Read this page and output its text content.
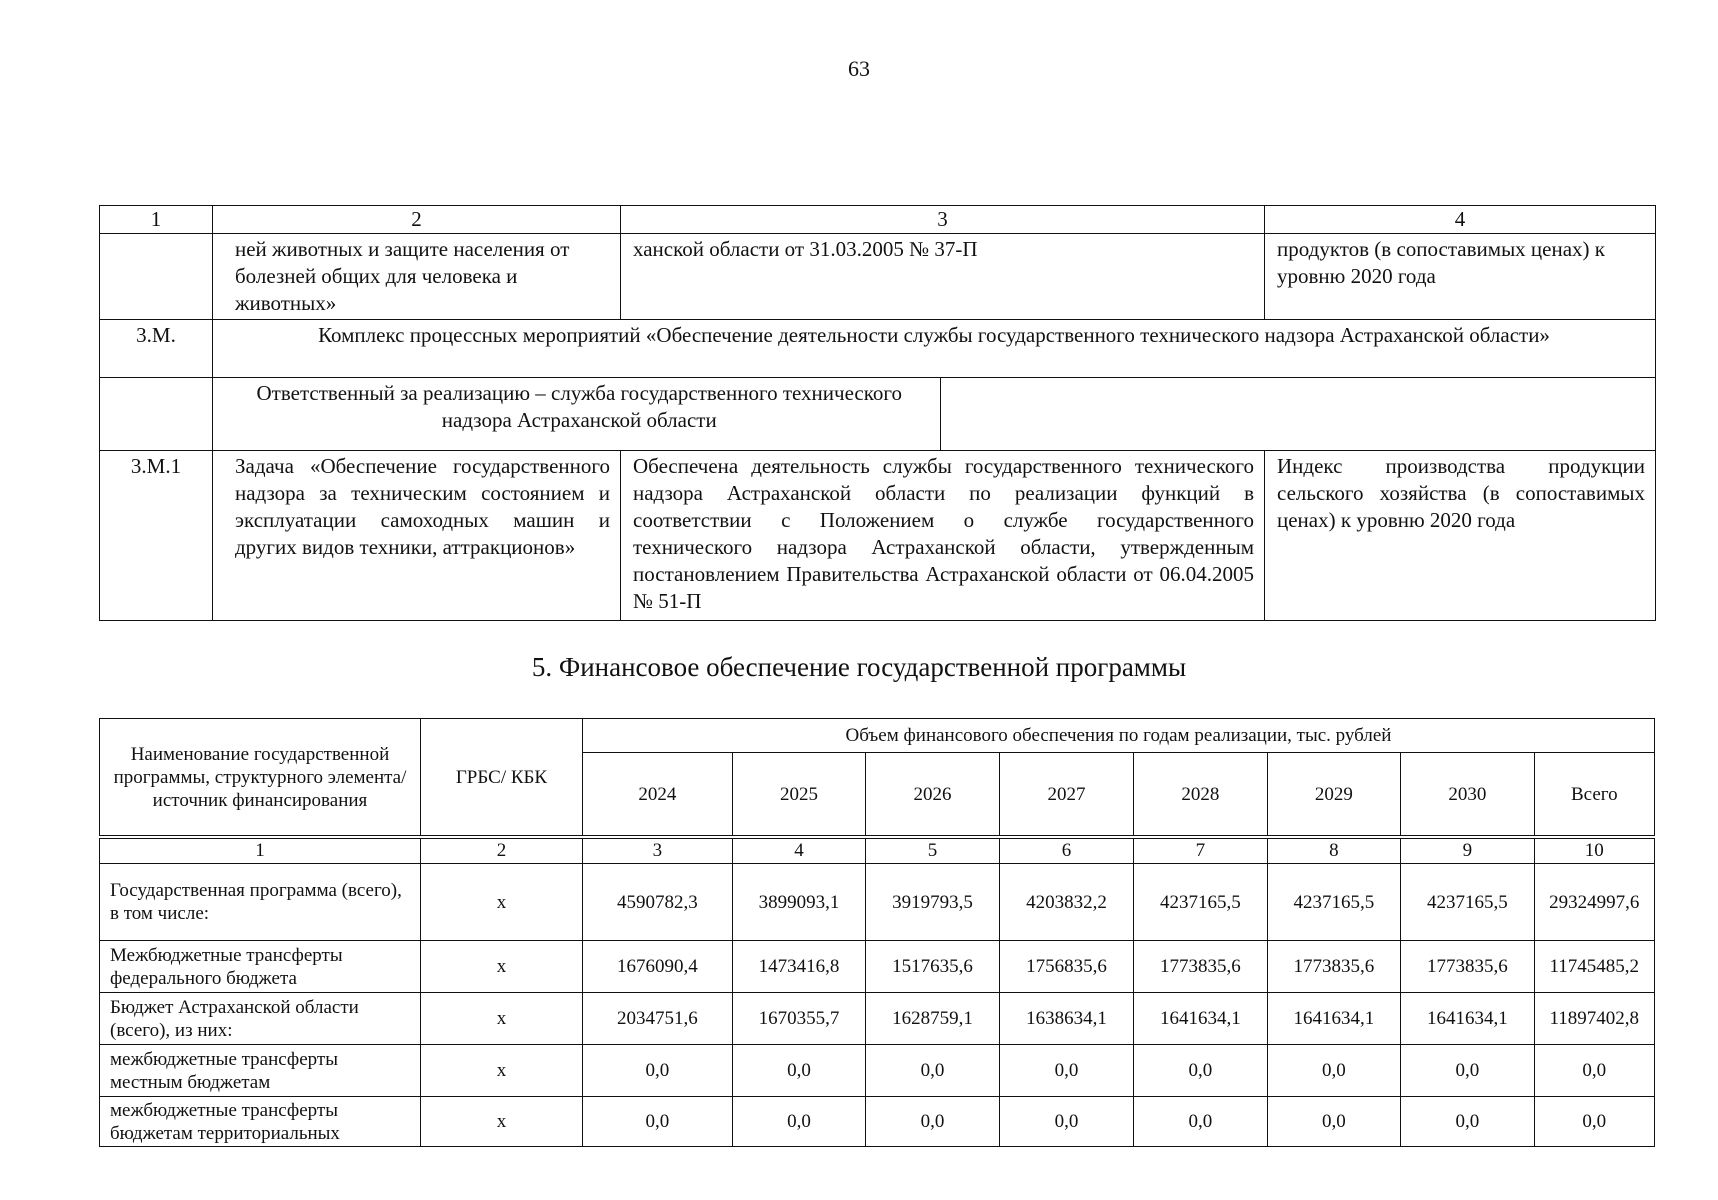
63
1	2	3	4
	ней животных и защите населения от болезней общих для человека и животных»	ханской области от 31.03.2005 № 37-П	продуктов (в сопоставимых ценах) к уровню 2020 года
3.М.	Комплекс процессных мероприятий «Обеспечение деятельности службы государственного технического надзора Астраханской области»

Ответственный за реализацию – служба государственного технического надзора Астраханской области	

3.М.1	Задача «Обеспечение государственного надзора за техническим состоянием и эксплуатации самоходных машин и других видов техники, аттракционов»	Обеспечена деятельность службы государственного технического надзора Астраханской области по реализации функций в соответствии с Положением о службе государственного технического надзора Астраханской области, утвержденным постановлением Правительства Астраханской области от 06.04.2005 № 51-П	Индекс производства продукции сельского хозяйства (в сопоставимых ценах) к уровню 2020 года
5. Финансовое обеспечение государственной программы
Наименование государственной программы, структурного элемента/источник финансирования	ГРБС/ КБК	Объем финансового обеспечения по годам реализации, тыс. рублей							
		2024	2025	2026	2027	2028	2029	2030	Всего

1	2	3	4	5	6	7	8	9	10
Государственная программа (всего), в том числе:	х	4590782,3	3899093,1	3919793,5	4203832,2	4237165,5	4237165,5	4237165,5	29324997,6
Межбюджетные трансферты федерального бюджета	х	1676090,4	1473416,8	1517635,6	1756835,6	1773835,6	1773835,6	1773835,6	11745485,2
Бюджет Астраханской области (всего), из них:	х	2034751,6	1670355,7	1628759,1	1638634,1	1641634,1	1641634,1	1641634,1	11897402,8
межбюджетные трансферты местным бюджетам	х	0,0	0,0	0,0	0,0	0,0	0,0	0,0	0,0
межбюджетные трансферты бюджетам территориальных	х	0,0	0,0	0,0	0,0	0,0	0,0	0,0	0,0
